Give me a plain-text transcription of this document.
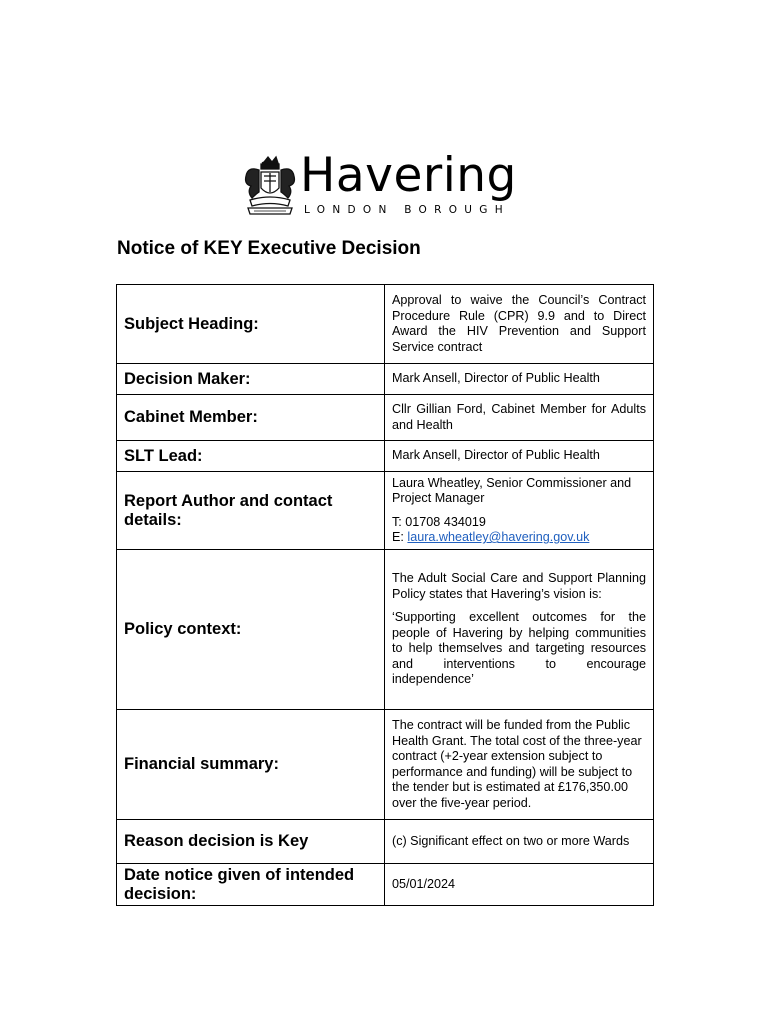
Havering
LONDON BOROUGH
Notice of KEY Executive Decision
Subject Heading:	Approval to waive the Council’s Contract Procedure Rule (CPR) 9.9 and to Direct Award the HIV Prevention and Support Service contract
Decision Maker:	Mark Ansell, Director of Public Health
Cabinet Member:	Cllr Gillian Ford, Cabinet Member for Adults and Health
SLT Lead:	Mark Ansell, Director of Public Health
Report Author and contact details:	Laura Wheatley, Senior Commissioner and Project Manager

T: 01708 434019
E: laura.wheatley@havering.gov.uk

Policy context:	The Adult Social Care and Support Planning Policy states that Havering’s vision is:

‘Supporting excellent outcomes for the people of Havering by helping communities to help themselves and targeting resources and interventions to encourage independence’

Financial summary:	The contract will be funded from the Public Health Grant. The total cost of the three-year contract (+2-year extension subject to performance and funding) will be subject to the tender but is estimated at £176,350.00 over the five-year period.
Reason decision is Key	(c) Significant effect on two or more Wards
Date notice given of intended decision:	05/01/2024
